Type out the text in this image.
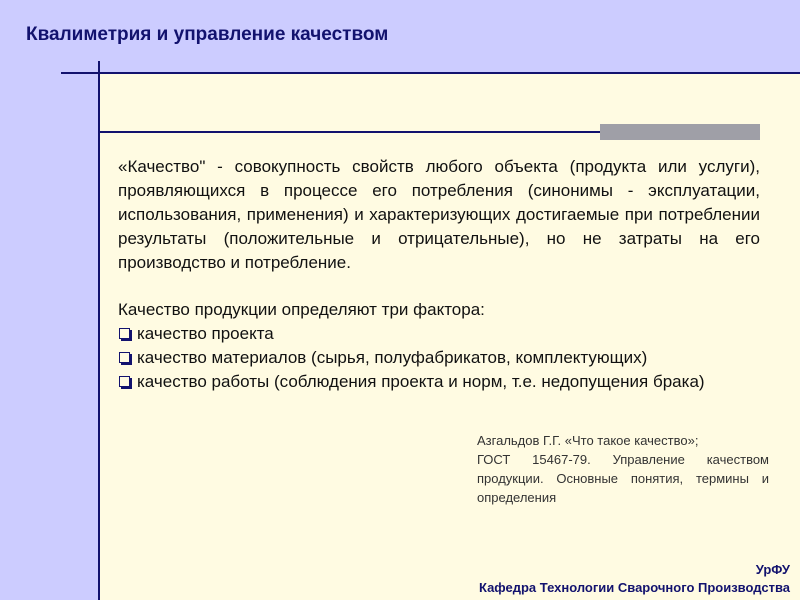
Квалиметрия и управление качеством
«Качество" - совокупность свойств любого объекта (продукта или услуги), проявляющихся в процессе его потребления (синонимы - эксплуатации, использования, применения) и характеризующих достигаемые при потреблении результаты (положительные и отрицательные), но не затраты на его производство и потребление.
Качество продукции определяют три фактора:
качество проекта
качество материалов (сырья, полуфабрикатов, комплектующих)
качество работы (соблюдения проекта и норм, т.е. недопущения брака)
Азгальдов Г.Г. «Что такое качество»;
ГОСТ 15467-79. Управление качеством продукции. Основные понятия, термины и определения
УрФУ
Кафедра Технологии Сварочного Производства
